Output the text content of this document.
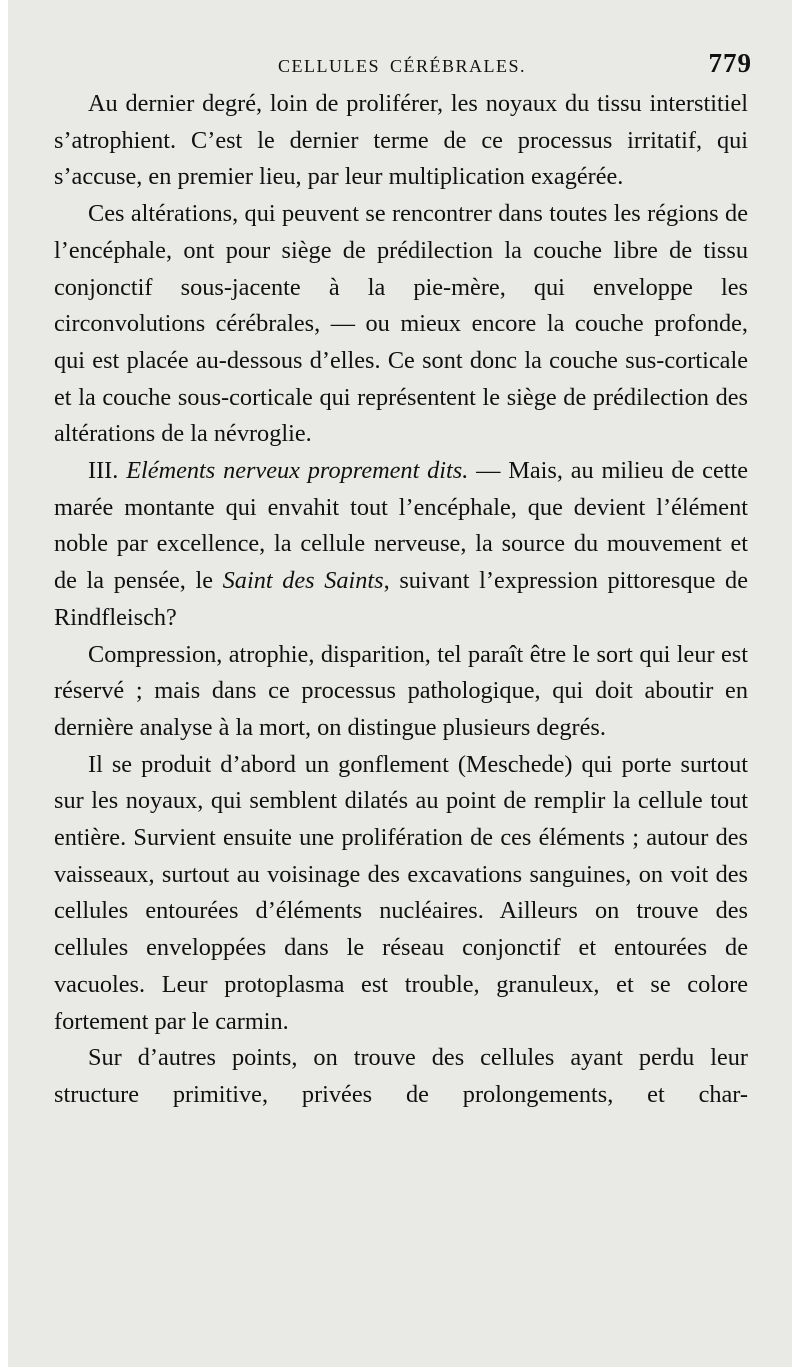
CELLULES CÉRÉBRALES.	779

Au dernier degré, loin de proliférer, les noyaux du tissu interstitiel s’atrophient. C’est le dernier terme de ce processus irritatif, qui s’accuse, en premier lieu, par leur multiplication exagérée.

Ces altérations, qui peuvent se rencontrer dans toutes les régions de l’encéphale, ont pour siège de prédilection la couche libre de tissu conjonctif sous-jacente à la pie-mère, qui enveloppe les circonvolutions cérébrales, — ou mieux encore la couche profonde, qui est placée au-dessous d’elles. Ce sont donc la couche sus-corticale et la couche sous-corticale qui représentent le siège de prédilection des altérations de la névroglie.

III. Eléments nerveux proprement dits. — Mais, au milieu de cette marée montante qui envahit tout l’encéphale, que devient l’élément noble par excellence, la cellule nerveuse, la source du mouvement et de la pensée, le Saint des Saints, suivant l’expression pittoresque de Rindfleisch?

Compression, atrophie, disparition, tel paraît être le sort qui leur est réservé ; mais dans ce processus pathologique, qui doit aboutir en dernière analyse à la mort, on distingue plusieurs degrés.

Il se produit d’abord un gonflement (Meschede) qui porte surtout sur les noyaux, qui semblent dilatés au point de remplir la cellule tout entière. Survient ensuite une prolifération de ces éléments ; autour des vaisseaux, surtout au voisinage des excavations sanguines, on voit des cellules entourées d’éléments nucléaires. Ailleurs on trouve des cellules enveloppées dans le réseau conjonctif et entourées de vacuoles. Leur protoplasma est trouble, granuleux, et se colore fortement par le carmin.

Sur d’autres points, on trouve des cellules ayant perdu leur structure primitive, privées de prolongements, et char-
